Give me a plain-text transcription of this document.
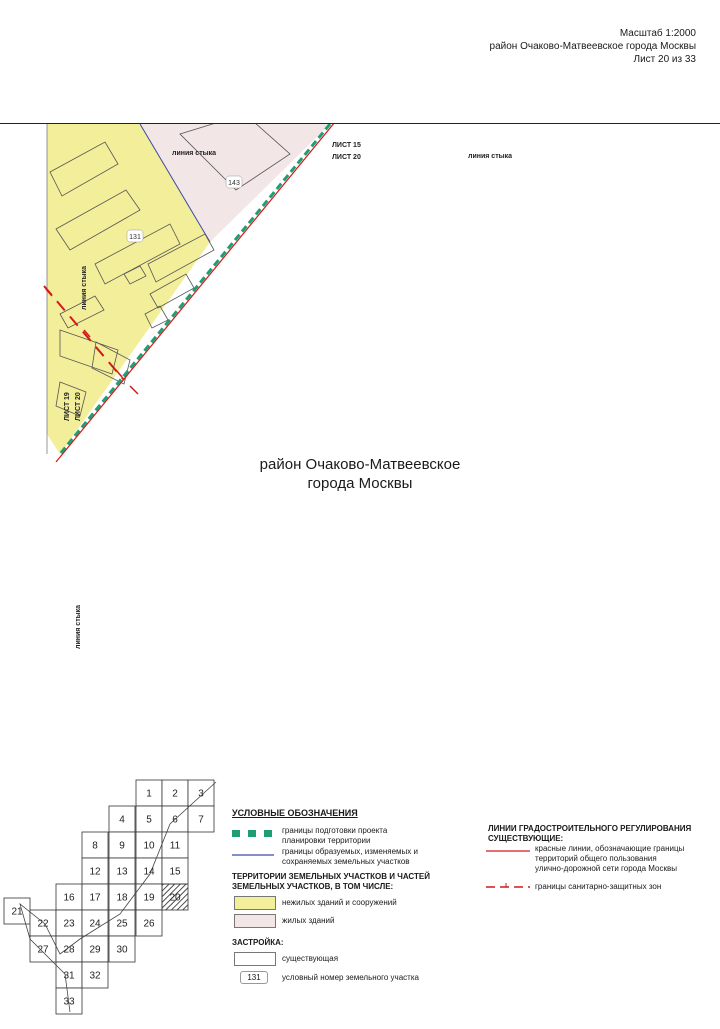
Масштаб 1:2000
район Очаково-Матвеевское города Москвы
Лист 20 из 33
143
131
линия стыка
ЛИСТ 15
ЛИСТ 20	линия стыка
линия стыка
ЛИСТ 19 ЛИСТ 20
линия стыка
район Очаково-Матвеевское
города Москвы
1 2 3
4 5 6 7
8 9 10 11
12 13 14 15
16 17 18 19 20
21
22 23 24 25 26
27 28 29 30
31 32
33
УСЛОВНЫЕ ОБОЗНАЧЕНИЯ
границы подготовки проекта
планировки территории
границы образуемых, изменяемых и
сохраняемых земельных участков
ТЕРРИТОРИИ ЗЕМЕЛЬНЫХ УЧАСТКОВ И ЧАСТЕЙ
ЗЕМЕЛЬНЫХ УЧАСТКОВ, В ТОМ ЧИСЛЕ:
нежилых зданий и сооружений
жилых зданий
ЗАСТРОЙКА:
существующая
131	условный номер земельного участка
ЛИНИИ ГРАДОСТРОИТЕЛЬНОГО РЕГУЛИРОВАНИЯ
СУЩЕСТВУЮЩИЕ:
красные линии, обозначающие границы
территорий общего пользования
улично-дорожной сети города Москвы
границы санитарно-защитных зон
